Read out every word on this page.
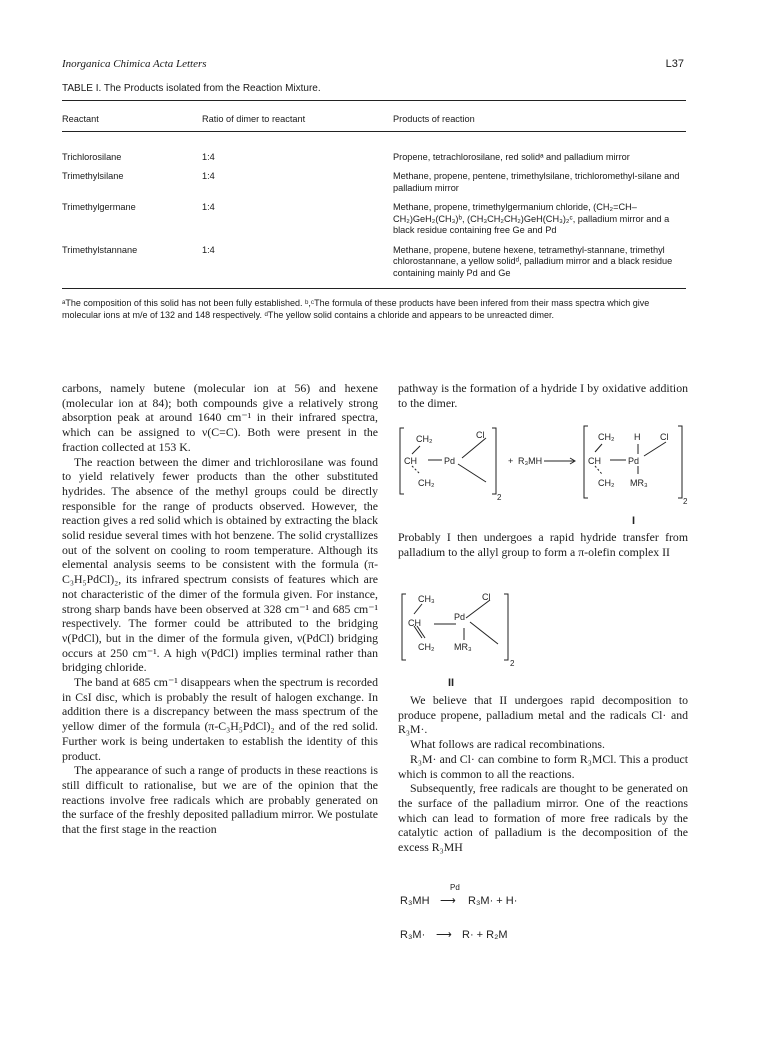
Inorganica Chimica Acta Letters	L37
TABLE I. The Products isolated from the Reaction Mixture.
Reactant	Ratio of dimer to reactant	Products of reaction

Trichlorosilane	1:4	Propene, tetrachlorosilane, red solidᵃ and palladium mirror
Trimethylsilane	1:4	Methane, propene, pentene, trimethylsilane, trichloromethyl-silane and palladium mirror
Trimethylgermane	1:4	Methane, propene, trimethylgermanium chloride, (CH₂=CH–CH₂)GeH₂(CH₃)ᵇ, (CH₃CH₂CH₂)GeH(CH₃)₂ᶜ, palladium mirror and a black residue containing free Ge and Pd
Trimethylstannane	1:4	Methane, propene, butene hexene, tetramethyl-stannane, trimethyl chlorostannane, a yellow solidᵈ, palladium mirror and a black residue containing mainly Pd and Ge
ᵃThe composition of this solid has not been fully established. ᵇ,ᶜThe formula of these products have been infered from their mass spectra which give molecular ions at m/e of 132 and 148 respectively. ᵈThe yellow solid contains a chloride and appears to be unreacted dimer.

carbons, namely butene (molecular ion at 56) and hexene (molecular ion at 84); both compounds give a relatively strong absorption peak at around 1640 cm⁻¹ in their infrared spectra, which can be assigned to ν(C=C). Both were present in the fraction collected at 153 K.

The reaction between the dimer and trichlorosilane was found to yield relatively fewer products than the other substituted hydrides. The absence of the methyl groups could be directly responsible for the range of products observed. However, the reaction gives a red solid which is obtained by extracting the black solid residue several times with hot benzene. The solid crystallizes out of the solvent on cooling to room temperature. Although its elemental analysis seems to be consistent with the formula (π-C₃H₅PdCl)₂, its infrared spectrum consists of features which are not characteristic of the dimer of the formula given. For instance, strong sharp bands have been observed at 328 cm⁻¹ and 685 cm⁻¹ respectively. The former could be attributed to the bridging ν(PdCl), but in the dimer of the formula given, ν(PdCl) bridging occurs at 250 cm⁻¹. A high ν(PdCl) implies terminal rather than bridging chloride.

The band at 685 cm⁻¹ disappears when the spectrum is recorded in CsI disc, which is probably the result of halogen exchange. In addition there is a discrepancy between the mass spectrum of the yellow dimer of the formula (π-C₃H₅PdCl)₂ and of the red solid. Further work is being undertaken to establish the identity of this product.

The appearance of such a range of products in these reactions is still difficult to rationalise, but we are of the opinion that the reactions involve free radicals which are probably generated on the surface of the freshly deposited palladium mirror. We postulate that the first stage in the reaction

pathway is the formation of a hydride I by oxidative addition to the dimer.
CH₂
CH
CH₂
Pd
Cl
2
+ R₃MH
CH₂ H Cl
CH	Pd
CH₂ MR₃
2
I
Probably I then undergoes a rapid hydride transfer from palladium to the allyl group to form a π-olefin complex II
CH₃	Cl
CH
Pd
CH₂ MR₃
2
II

We believe that II undergoes rapid decomposition to produce propene, palladium metal and the radicals Cl· and R₃M·.

What follows are radical recombinations.

R₃M· and Cl· can combine to form R₃MCl. This a product which is common to all the reactions.

Subsequently, free radicals are thought to be generated on the surface of the palladium mirror. One of the reactions which can lead to formation of more free radicals by the catalytic action of palladium is the decomposition of the excess R₃MH

Pd
R₃MH ⟶ R₃M· + H·
R₃M· ⟶ R· + R₂M
